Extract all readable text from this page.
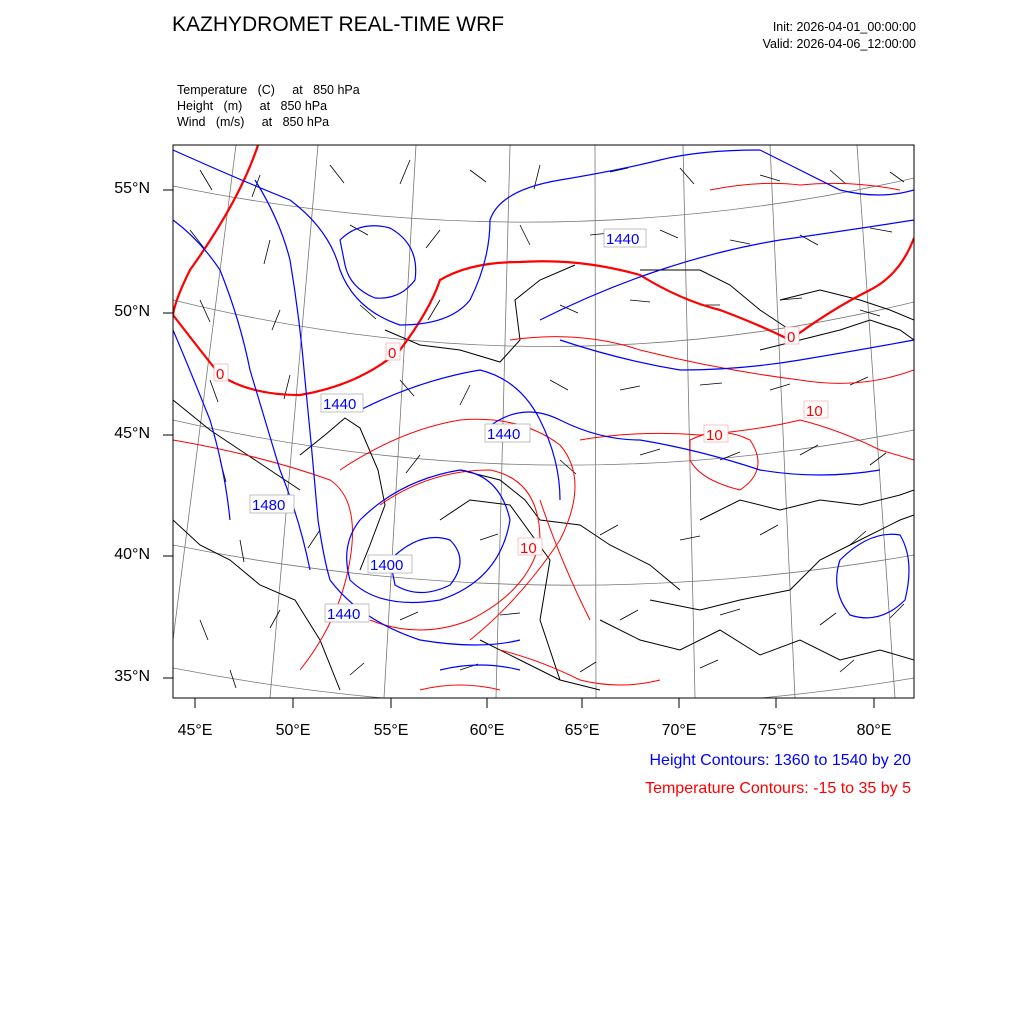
KAZHYDROMET REAL-TIME WRF	Init: 2026-04-01_00:00:00
Valid: 2026-04-06_12:00:00
Temperature   (C)     at   850 hPa
Height   (m)     at   850 hPa
Wind   (m/s)     at   850 hPa
1440
1440
1440
1480
1400
1440
0
0
0
10
10
10
55°N
50°N
45°N
40°N
35°N
45°E	50°E	55°E	60°E	65°E	70°E	75°E	80°E
Height Contours: 1360 to 1540 by 20
Temperature Contours: -15 to 35 by 5
